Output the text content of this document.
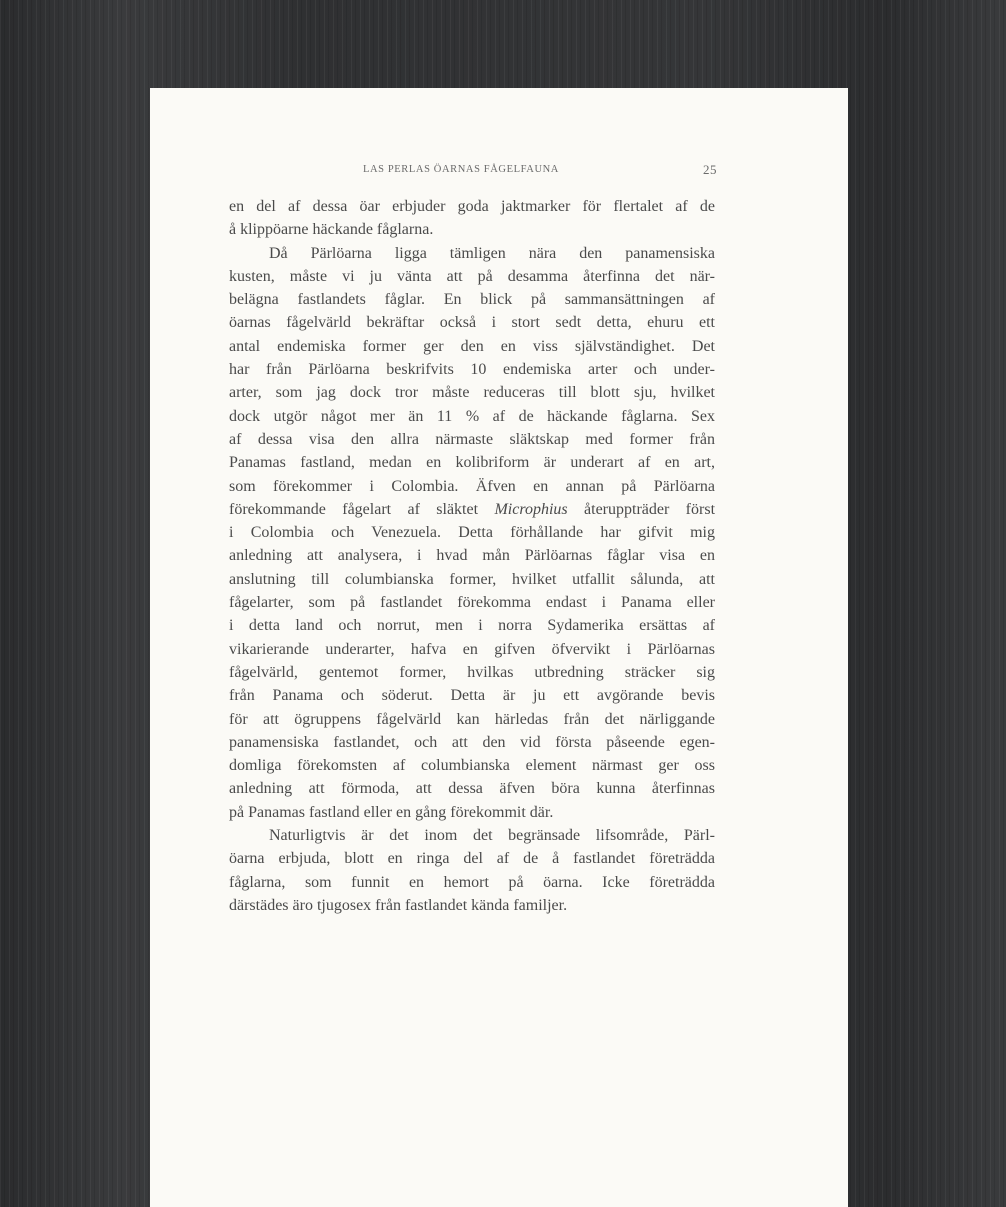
LAS PERLAS ÖARNAS FÅGELFAUNA	25
en del af dessa öar erbjuder goda jaktmarker för flertalet af de
å klippöarne häckande fåglarna.
Då Pärlöarna ligga tämligen nära den panamensiska
kusten, måste vi ju vänta att på desamma återfinna det när-
belägna fastlandets fåglar. En blick på sammansättningen af
öarnas fågelvärld bekräftar också i stort sedt detta, ehuru ett
antal endemiska former ger den en viss självständighet. Det
har från Pärlöarna beskrifvits 10 endemiska arter och under-
arter, som jag dock tror måste reduceras till blott sju, hvilket
dock utgör något mer än 11 % af de häckande fåglarna. Sex
af dessa visa den allra närmaste släktskap med former från
Panamas fastland, medan en kolibriform är underart af en art,
som förekommer i Colombia. Äfven en annan på Pärlöarna
förekommande fågelart af släktet Microphius återuppträder först
i Colombia och Venezuela. Detta förhållande har gifvit mig
anledning att analysera, i hvad mån Pärlöarnas fåglar visa en
anslutning till columbianska former, hvilket utfallit sålunda, att
fågelarter, som på fastlandet förekomma endast i Panama eller
i detta land och norrut, men i norra Sydamerika ersättas af
vikarierande underarter, hafva en gifven öfvervikt i Pärlöarnas
fågelvärld, gentemot former, hvilkas utbredning sträcker sig
från Panama och söderut. Detta är ju ett avgörande bevis
för att ögruppens fågelvärld kan härledas från det närliggande
panamensiska fastlandet, och att den vid första påseende egen-
domliga förekomsten af columbianska element närmast ger oss
anledning att förmoda, att dessa äfven böra kunna återfinnas
på Panamas fastland eller en gång förekommit där.
Naturligtvis är det inom det begränsade lifsområde, Pärl-
öarna erbjuda, blott en ringa del af de å fastlandet företrädda
fåglarna, som funnit en hemort på öarna. Icke företrädda
därstädes äro tjugosex från fastlandet kända familjer.
